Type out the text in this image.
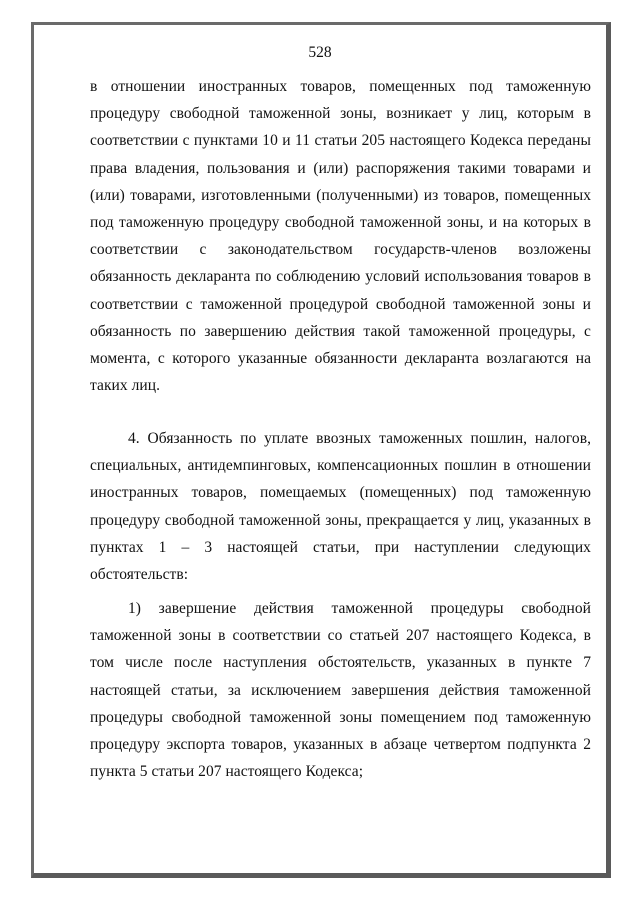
528

в отношении иностранных товаров, помещенных под таможенную процедуру свободной таможенной зоны, возникает у лиц, которым в соответствии с пунктами 10 и 11 статьи 205 настоящего Кодекса переданы права владения, пользования и (или) распоряжения такими товарами и (или) товарами, изготовленными (полученными) из товаров, помещенных под таможенную процедуру свободной таможенной зоны, и на которых в соответствии с законодательством государств-членов возложены обязанность декларанта по соблюдению условий использования товаров в соответствии с таможенной процедурой свободной таможенной зоны и обязанность по завершению действия такой таможенной процедуры, с момента, с которого указанные обязанности декларанта возлагаются на таких лиц.

4. Обязанность по уплате ввозных таможенных пошлин, налогов, специальных, антидемпинговых, компенсационных пошлин в отношении иностранных товаров, помещаемых (помещенных) под таможенную процедуру свободной таможенной зоны, прекращается у лиц, указанных в пунктах 1 – 3 настоящей статьи, при наступлении следующих обстоятельств:

1) завершение действия таможенной процедуры свободной таможенной зоны в соответствии со статьей 207 настоящего Кодекса, в том числе после наступления обстоятельств, указанных в пункте 7 настоящей статьи, за исключением завершения действия таможенной процедуры свободной таможенной зоны помещением под таможенную процедуру экспорта товаров, указанных в абзаце четвертом подпункта 2 пункта 5 статьи 207 настоящего Кодекса;
